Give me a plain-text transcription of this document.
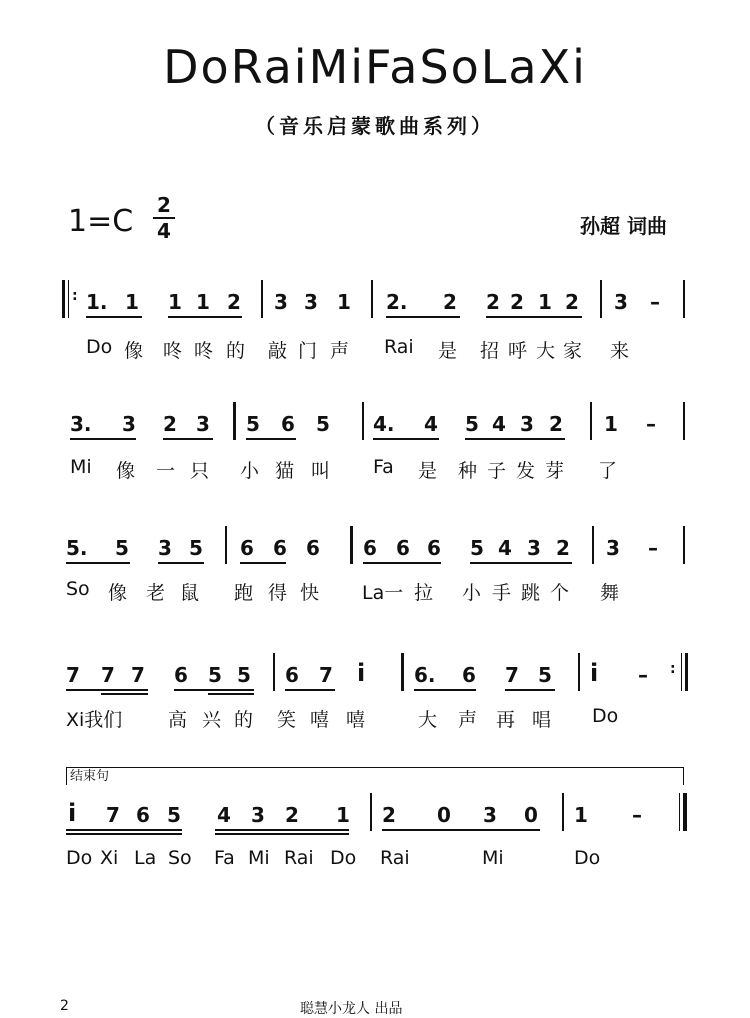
DoRaiMiFaSoLaXi
（音乐启蒙歌曲系列）
1=C 2
4	孙超 词曲
: 1. 1 1 1 2 3 3 1 2. 2 2 2 1 2 3 –
Do 像 咚 咚 的 敲 门 声 Rai 是 招 呼 大 家 来
3. 3 2 3 5 6 5 4. 4 5 4 3 2 1 –
Mi 像 一 只 小 猫 叫 Fa 是 种 子 发 芽 了
5. 5 3 5 6 6 6 6 6 6 5 4 3 2 3 –
So 像 老 鼠 跑 得 快 La一 拉 小 手 跳 个 舞
7 7 7 6 5 5 6 7 i 6. 6 7 5 i – :
Xi我们 高 兴 的 笑 嘻 嘻	大 声 再 唱 Do
结束句
i 7 6 5 4 3 2 1 2 0 3 0 1 –
Do Xi La So Fa Mi Rai Do Rai	Mi	Do
2	聪慧小龙人 出品
